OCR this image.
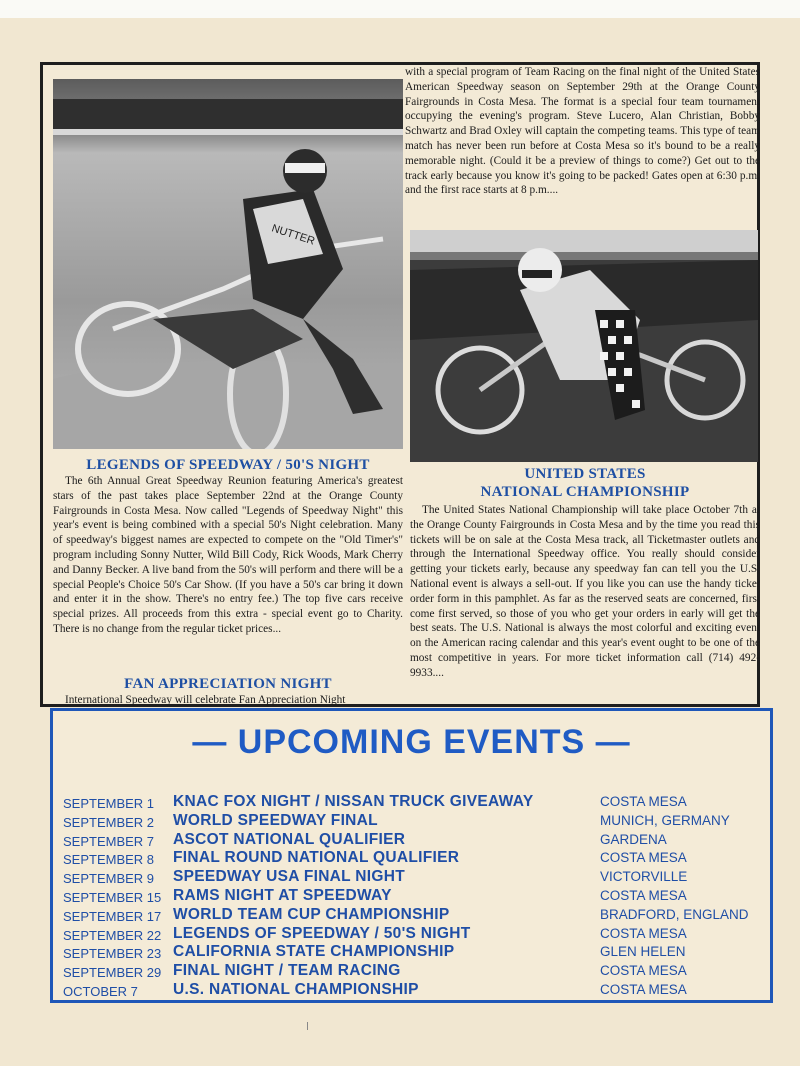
NUTTER

with a special program of Team Racing on the final night of the United States American Speedway season on September 29th at the Orange County Fairgrounds in Costa Mesa. The format is a special four team tournament occupying the evening's program. Steve Lucero, Alan Christian, Bobby Schwartz and Brad Oxley will captain the competing teams. This type of team match has never been run before at Costa Mesa so it's bound to be a really memorable night. (Could it be a preview of things to come?) Get out to the track early because you know it's going to be packed! Gates open at 6:30 p.m. and the first race starts at 8 p.m....

LEGENDS OF SPEEDWAY / 50'S NIGHT

The 6th Annual Great Speedway Reunion featuring America's greatest stars of the past takes place September 22nd at the Orange County Fairgrounds in Costa Mesa. Now called "Legends of Speedway Night" this year's event is being combined with a special 50's Night celebration. Many of speedway's biggest names are expected to compete on the "Old Timer's" program including Sonny Nutter, Wild Bill Cody, Rick Woods, Mark Cherry and Danny Becker. A live band from the 50's will perform and there will be a special People's Choice 50's Car Show. (If you have a 50's car bring it down and enter it in the show. There's no entry fee.) The top five cars receive special prizes. All proceeds from this extra - special event go to Charity. There is no change from the regular ticket prices...

FAN APPRECIATION NIGHT

International Speedway will celebrate Fan Appreciation Night

UNITED STATES
NATIONAL CHAMPIONSHIP

The United States National Championship will take place October 7th at the Orange County Fairgrounds in Costa Mesa and by the time you read this tickets will be on sale at the Costa Mesa track, all Ticketmaster outlets and through the International Speedway office. You really should consider getting your tickets early, because any speedway fan can tell you the U.S. National event is always a sell-out. If you like you can use the handy ticket order form in this pamphlet. As far as the reserved seats are concerned, first come first served, so those of you who get your orders in early will get the best seats. The U.S. National is always the most colorful and exciting event on the American racing calendar and this year's event ought to be one of the most competitive in years. For more ticket information call (714) 492-9933....

— UPCOMING EVENTS —
SEPTEMBER 1 KNAC FOX NIGHT / NISSAN TRUCK GIVEAWAY	COSTA MESA
SEPTEMBER 2 WORLD SPEEDWAY FINAL	MUNICH, GERMANY
SEPTEMBER 7 ASCOT NATIONAL QUALIFIER	GARDENA
SEPTEMBER 8 FINAL ROUND NATIONAL QUALIFIER	COSTA MESA
SEPTEMBER 9 SPEEDWAY USA FINAL NIGHT	VICTORVILLE
SEPTEMBER 15 RAMS NIGHT AT SPEEDWAY	COSTA MESA
SEPTEMBER 17 WORLD TEAM CUP CHAMPIONSHIP	BRADFORD, ENGLAND
SEPTEMBER 22 LEGENDS OF SPEEDWAY / 50'S NIGHT	COSTA MESA
SEPTEMBER 23 CALIFORNIA STATE CHAMPIONSHIP	GLEN HELEN
SEPTEMBER 29 FINAL NIGHT / TEAM RACING	COSTA MESA
OCTOBER 7 U.S. NATIONAL CHAMPIONSHIP	COSTA MESA
